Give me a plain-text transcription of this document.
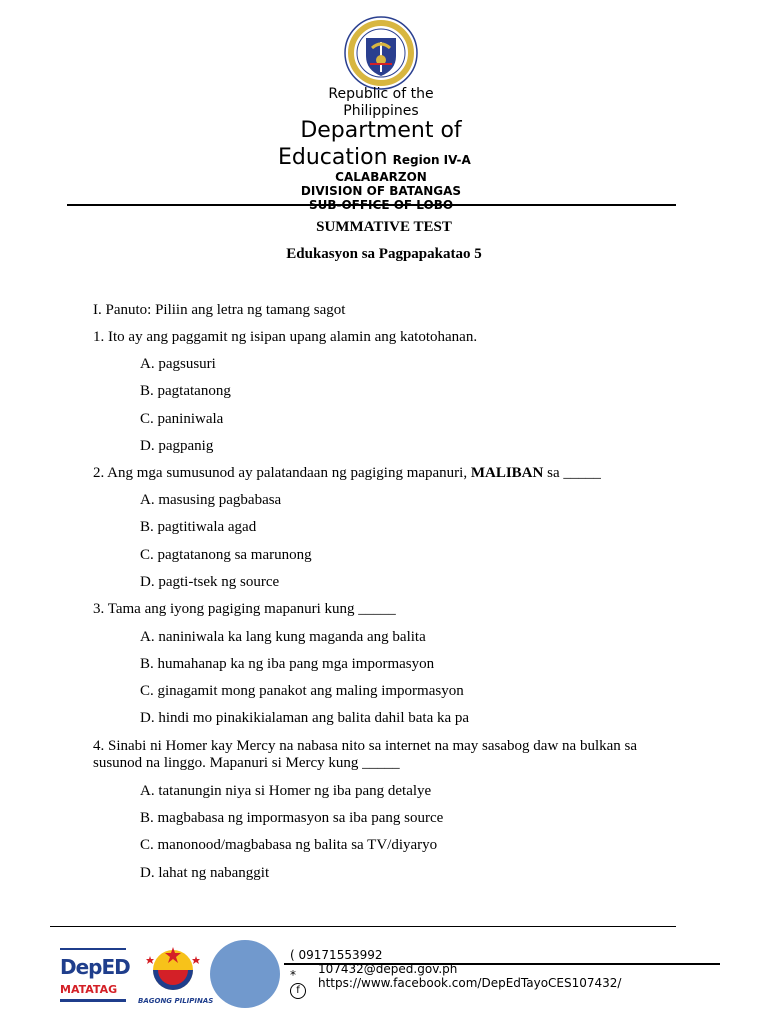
Republic of the
Philippines
Department of
Education Region IV-A
CALABARZON
DIVISION OF BATANGAS
SUMMATIVE TEST
Edukasyon sa Pagpapakatao 5
I. Panuto: Piliin ang letra ng tamang sagot
1. Ito ay ang paggamit ng isipan upang alamin ang katotohanan.
A. pagsusuri
B. pagtatanong
C. paniniwala
D. pagpanig
2. Ang mga sumusunod ay palatandaan ng pagiging mapanuri, MALIBAN sa _____
A. masusing pagbabasa
B. pagtitiwala agad
C. pagtatanong sa marunong
D. pagti-tsek ng source
3. Tama ang iyong pagiging mapanuri kung _____
A. naniniwala ka lang kung maganda ang balita
B. humahanap ka ng iba pang mga impormasyon
C. ginagamit mong panakot ang maling impormasyon
D. hindi mo pinakikialaman ang balita dahil bata ka pa
4. Sinabi ni Homer kay Mercy na nabasa nito sa internet na may sasabog daw na bulkan sa
susunod na linggo. Mapanuri si Mercy kung _____
A. tatanungin niya si Homer ng iba pang detalye
B. magbabasa ng impormasyon sa iba pang source
C. manonood/magbabasa ng balita sa TV/diyaryo
D. lahat ng nabanggit
DepED
MATATAG
BAGONG PILIPINAS
( 09171553992
* 107432@deped.gov.ph
f
https://www.facebook.com/DepEdTayoCES107432/
